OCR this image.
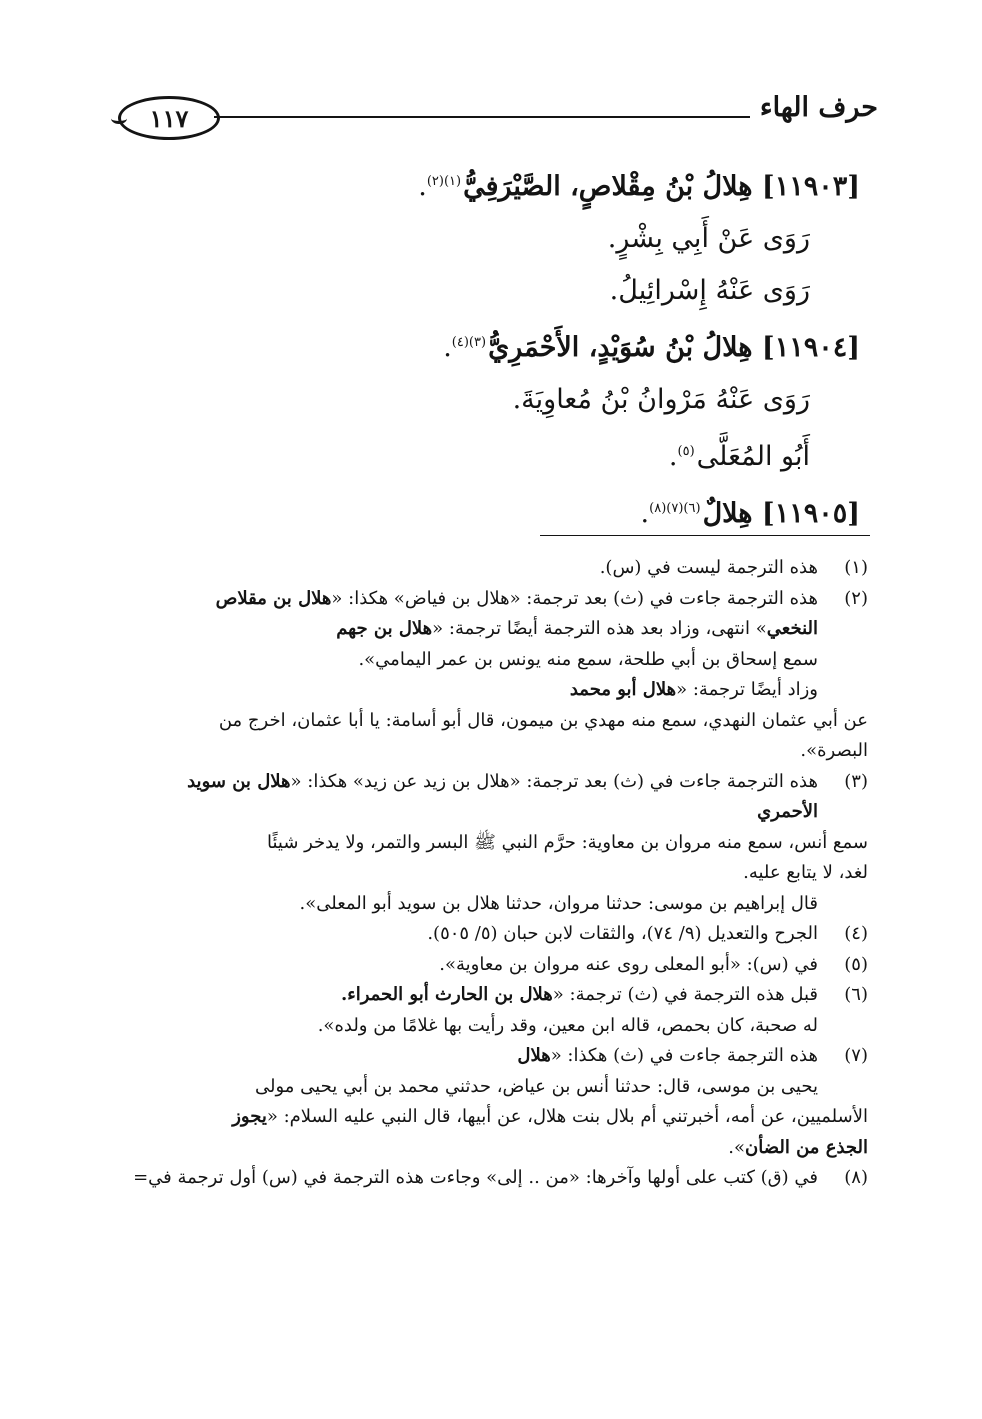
١١٧	حرف الهاء
[١١٩٠٣] هِلالُ بْنُ مِقْلاصٍ، الصَّيْرَفِيُّ$^{(١)(٢)}$.
رَوَى عَنْ أَبِي بِشْرٍ.
رَوَى عَنْهُ إِسْرائِيلُ.
[١١٩٠٤] هِلالُ بْنُ سُوَيْدٍ، الأَحْمَرِيُّ$^{(٣)(٤)}$.
رَوَى عَنْهُ مَرْوانُ بْنُ مُعاوِيَةَ.
أَبُو المُعَلَّى$^{(٥)}$.
[١١٩٠٥] هِلالٌ$^{(٦)(٧)(٨)}$.
(١)
هذه الترجمة ليست في (س).
(٢)
هذه الترجمة جاءت في (ث) بعد ترجمة: «هلال بن فياض» هكذا: «هلال بن مقلاص
النخعي» انتهى، وزاد بعد هذه الترجمة أيضًا ترجمة: «هلال بن جهم
سمع إسحاق بن أبي طلحة، سمع منه يونس بن عمر اليمامي».
وزاد أيضًا ترجمة: «هلال أبو محمد
عن أبي عثمان النهدي، سمع منه مهدي بن ميمون، قال أبو أسامة: يا أبا عثمان، اخرج من
البصرة».
(٣)
هذه الترجمة جاءت في (ث) بعد ترجمة: «هلال بن زيد عن زيد» هكذا: «هلال بن سويد
الأحمري
سمع أنس، سمع منه مروان بن معاوية: حرَّم النبي ﷺ البسر والتمر، ولا يدخر شيئًا
لغد، لا يتابع عليه.
قال إبراهيم بن موسى: حدثنا مروان، حدثنا هلال بن سويد أبو المعلى».
(٤)
الجرح والتعديل (٩/ ٧٤)، والثقات لابن حبان (٥/ ٥٠٥).
(٥)
في (س): «أبو المعلى روى عنه مروان بن معاوية».
(٦)
قبل هذه الترجمة في (ث) ترجمة: «هلال بن الحارث أبو الحمراء.
له صحبة، كان بحمص، قاله ابن معين، وقد رأيت بها غلامًا من ولده».
(٧)
هذه الترجمة جاءت في (ث) هكذا: «هلال
يحيى بن موسى، قال: حدثنا أنس بن عياض، حدثني محمد بن أبي يحيى مولى
الأسلميين، عن أمه، أخبرتني أم بلال بنت هلال، عن أبيها، قال النبي عليه السلام: «يجوز
الجذع من الضأن».
(٨)
في (ق) كتب على أولها وآخرها: «من .. إلى» وجاءت هذه الترجمة في (س) أول ترجمة في=
